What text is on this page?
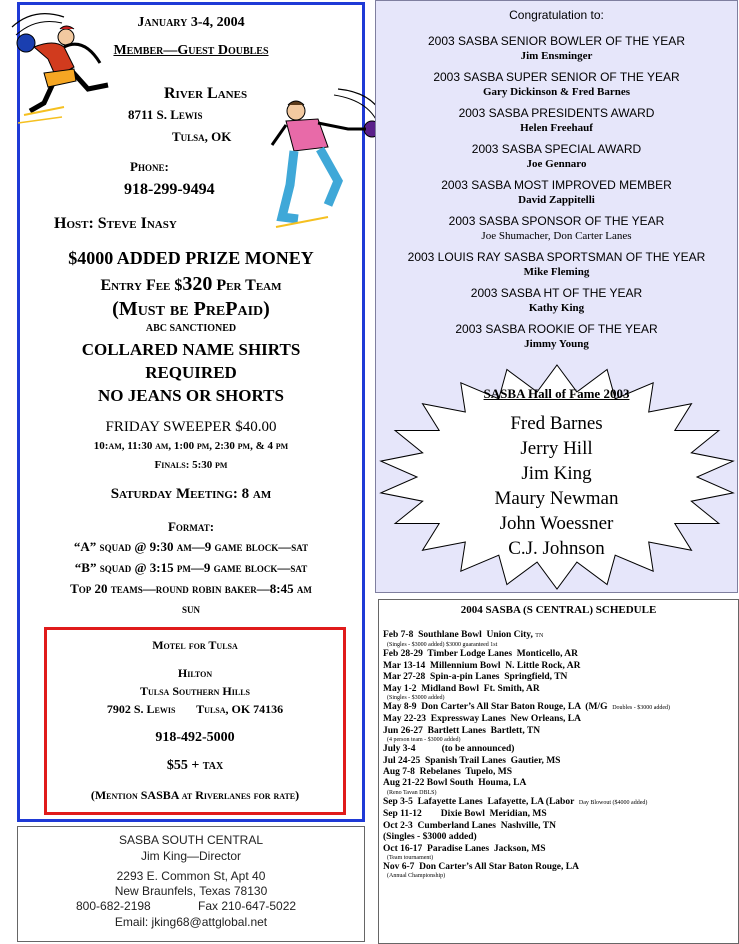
January 3-4, 2004
Member—Guest Doubles
River Lanes
8711 S. Lewis
Tulsa, OK
Phone:
918-299-9494
Host: Steve Inasy
$4000 ADDED PRIZE MONEY
Entry Fee $320 Per Team
(Must be PrePaid)
ABC SANCTIONED
COLLARED NAME SHIRTS
REQUIRED
NO JEANS OR SHORTS
FRIDAY SWEEPER $40.00
10:am, 11:30 am, 1:00 pm, 2:30 pm, & 4 pm
Finals: 5:30 pm
Saturday Meeting: 8 am
Format:
“A” squad @ 9:30 am—9 game block—sat
“B” squad @ 3:15 pm—9 game block—sat
Top 20 teams—round robin baker—8:45 am
sun
Motel for Tulsa
Hilton
Tulsa Southern Hills
7902 S. Lewis       Tulsa, OK 74136
918-492-5000
$55 + tax
(Mention SASBA at Riverlanes for rate)
Congratulation to:
2003 SASBA SENIOR BOWLER OF THE YEAR
Jim Ensminger
2003 SASBA SUPER SENIOR OF THE YEAR
Gary Dickinson & Fred Barnes
2003 SASBA PRESIDENTS AWARD
Helen Freehauf
2003 SASBA SPECIAL AWARD
Joe Gennaro
2003 SASBA MOST IMPROVED MEMBER
David Zappitelli
2003 SASBA SPONSOR OF THE YEAR
Joe Shumacher, Don Carter Lanes
2003 LOUIS RAY SASBA SPORTSMAN OF THE YEAR
Mike Fleming
2003 SASBA HT OF THE YEAR
Kathy King
2003 SASBA ROOKIE OF THE YEAR
Jimmy Young
SASBA Hall of Fame 2003
Fred Barnes
Jerry Hill
Jim King
Maury Newman
John Woessner
C.J. Johnson
SASBA SOUTH CENTRAL
Jim King—Director
2293 E. Common St, Apt 40
New Braunfels, Texas 78130
800-682-2198	Fax 210-647-5022
Email: jking68@attglobal.net
2004 SASBA (S CENTRAL) SCHEDULE
Feb 7-8  Southlane Bowl  Union City, TN
(Singles - $3000 added) $3000 guaranteed 1st
Feb 28-29  Timber Lodge Lanes  Monticello, AR
Mar 13-14  Millennium Bowl  N. Little Rock, AR
Mar 27-28  Spin-a-pin Lanes  Springfield, TN
May 1-2  Midland Bowl  Ft. Smith, AR
(Singles - $3000 added)
May 8-9  Don Carter’s All Star Baton Rouge, LA  (M/G  Doubles - $3000 added)
May 22-23  Expressway Lanes  New Orleans, LA
Jun 26-27  Bartlett Lanes  Bartlett, TN
(4 person team - $3000 added)
July 3-4           (to be announced)
Jul 24-25  Spanish Trail Lanes  Gautier, MS
Aug 7-8  Rebelanes  Tupelo, MS
Aug 21-22 Bowl South  Houma, LA
(Reno Tavan DBLS)
Sep 3-5  Lafayette Lanes  Lafayette, LA (Labor  Day Blowout ($4000 added)
Sep 11-12        Dixie Bowl  Meridian, MS
Oct 2-3  Cumberland Lanes  Nashville, TN
(Singles - $3000 added)
Oct 16-17  Paradise Lanes  Jackson, MS
(Team tournament)
Nov 6-7  Don Carter’s All Star Baton Rouge, LA
(Annual Championship)
